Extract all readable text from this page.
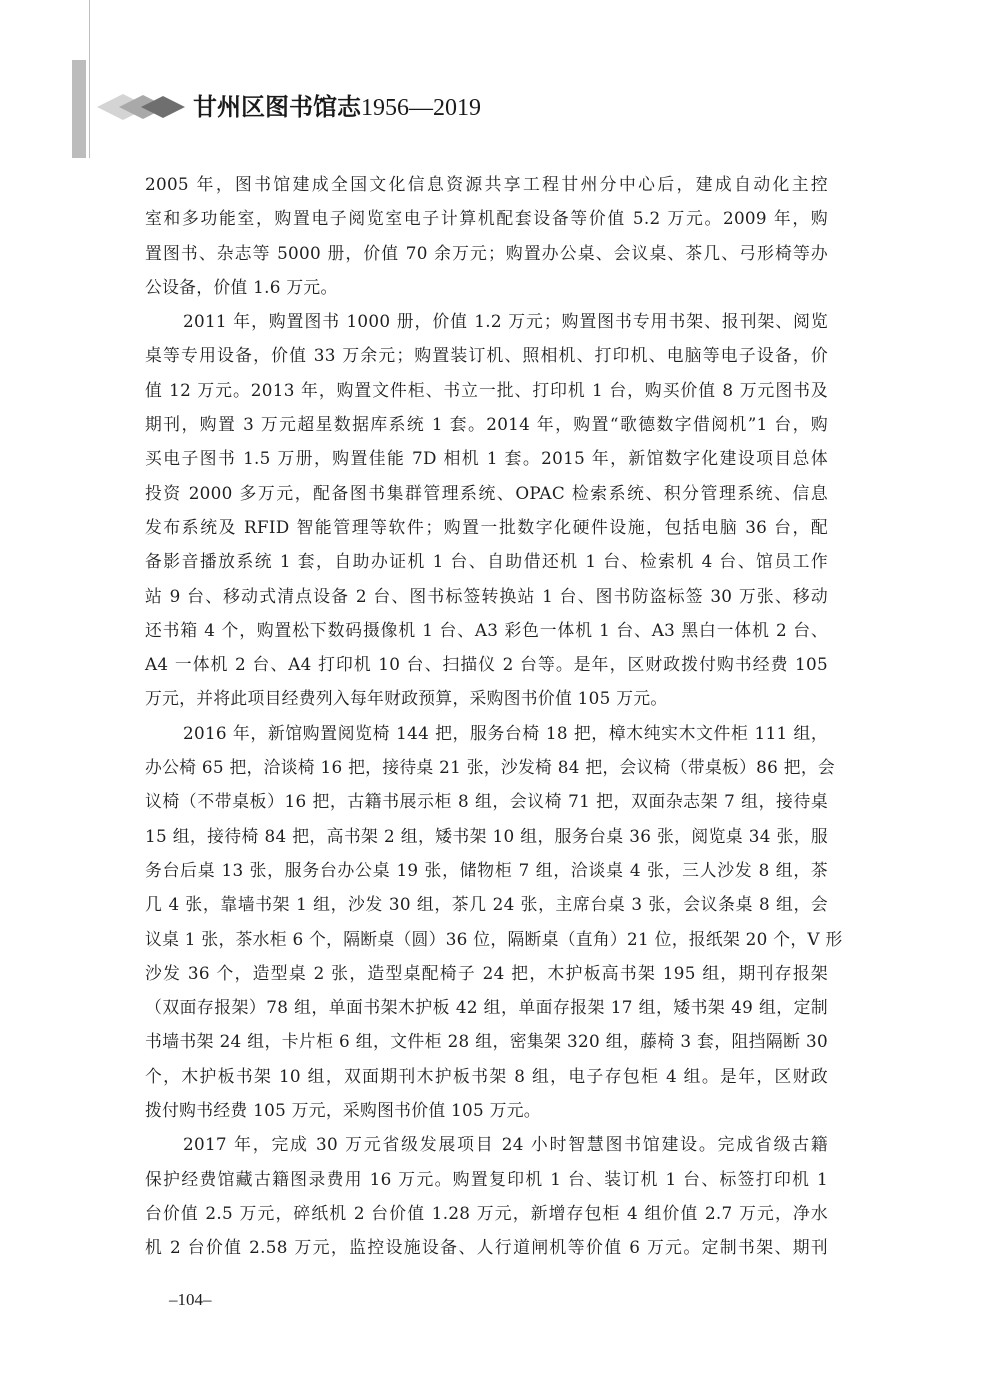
甘州区图书馆志1956—2019
2005 年，图书馆建成全国文化信息资源共享工程甘州分中心后，建成自动化主控
室和多功能室，购置电子阅览室电子计算机配套设备等价值 5.2 万元。2009 年，购
置图书、杂志等 5000 册，价值 70 余万元；购置办公桌、会议桌、茶几、弓形椅等办
公设备，价值 1.6 万元。
2011 年，购置图书 1000 册，价值 1.2 万元；购置图书专用书架、报刊架、阅览
桌等专用设备，价值 33 万余元；购置装订机、照相机、打印机、电脑等电子设备，价
值 12 万元。2013 年，购置文件柜、书立一批、打印机 1 台，购买价值 8 万元图书及
期刊，购置 3 万元超星数据库系统 1 套。2014 年，购置“歌德数字借阅机”1 台，购
买电子图书 1.5 万册，购置佳能 7D 相机 1 套。2015 年，新馆数字化建设项目总体
投资 2000 多万元，配备图书集群管理系统、OPAC 检索系统、积分管理系统、信息
发布系统及 RFID 智能管理等软件；购置一批数字化硬件设施，包括电脑 36 台，配
备影音播放系统 1 套，自助办证机 1 台、自助借还机 1 台、检索机 4 台、馆员工作
站 9 台、移动式清点设备 2 台、图书标签转换站 1 台、图书防盗标签 30 万张、移动
还书箱 4 个，购置松下数码摄像机 1 台、A3 彩色一体机 1 台、A3 黑白一体机 2 台、
A4 一体机 2 台、A4 打印机 10 台、扫描仪 2 台等。是年，区财政拨付购书经费 105
万元，并将此项目经费列入每年财政预算，采购图书价值 105 万元。
2016 年，新馆购置阅览椅 144 把，服务台椅 18 把，樟木纯实木文件柜 111 组，
办公椅 65 把，洽谈椅 16 把，接待桌 21 张，沙发椅 84 把，会议椅（带桌板）86 把，会
议椅（不带桌板）16 把，古籍书展示柜 8 组，会议椅 71 把，双面杂志架 7 组，接待桌
15 组，接待椅 84 把，高书架 2 组，矮书架 10 组，服务台桌 36 张，阅览桌 34 张，服
务台后桌 13 张，服务台办公桌 19 张，储物柜 7 组，洽谈桌 4 张，三人沙发 8 组，茶
几 4 张，靠墙书架 1 组，沙发 30 组，茶几 24 张，主席台桌 3 张，会议条桌 8 组，会
议桌 1 张，茶水柜 6 个，隔断桌（圆）36 位，隔断桌（直角）21 位，报纸架 20 个，V 形
沙发 36 个，造型桌 2 张，造型桌配椅子 24 把，木护板高书架 195 组，期刊存报架
（双面存报架）78 组，单面书架木护板 42 组，单面存报架 17 组，矮书架 49 组，定制
书墙书架 24 组，卡片柜 6 组，文件柜 28 组，密集架 320 组，藤椅 3 套，阻挡隔断 30
个，木护板书架 10 组，双面期刊木护板书架 8 组，电子存包柜 4 组。是年，区财政
拨付购书经费 105 万元，采购图书价值 105 万元。
2017 年，完成 30 万元省级发展项目 24 小时智慧图书馆建设。完成省级古籍
保护经费馆藏古籍图录费用 16 万元。购置复印机 1 台、装订机 1 台、标签打印机 1
台价值 2.5 万元，碎纸机 2 台价值 1.28 万元，新增存包柜 4 组价值 2.7 万元，净水
机 2 台价值 2.58 万元，监控设施设备、人行道闸机等价值 6 万元。定制书架、期刊
–104–
